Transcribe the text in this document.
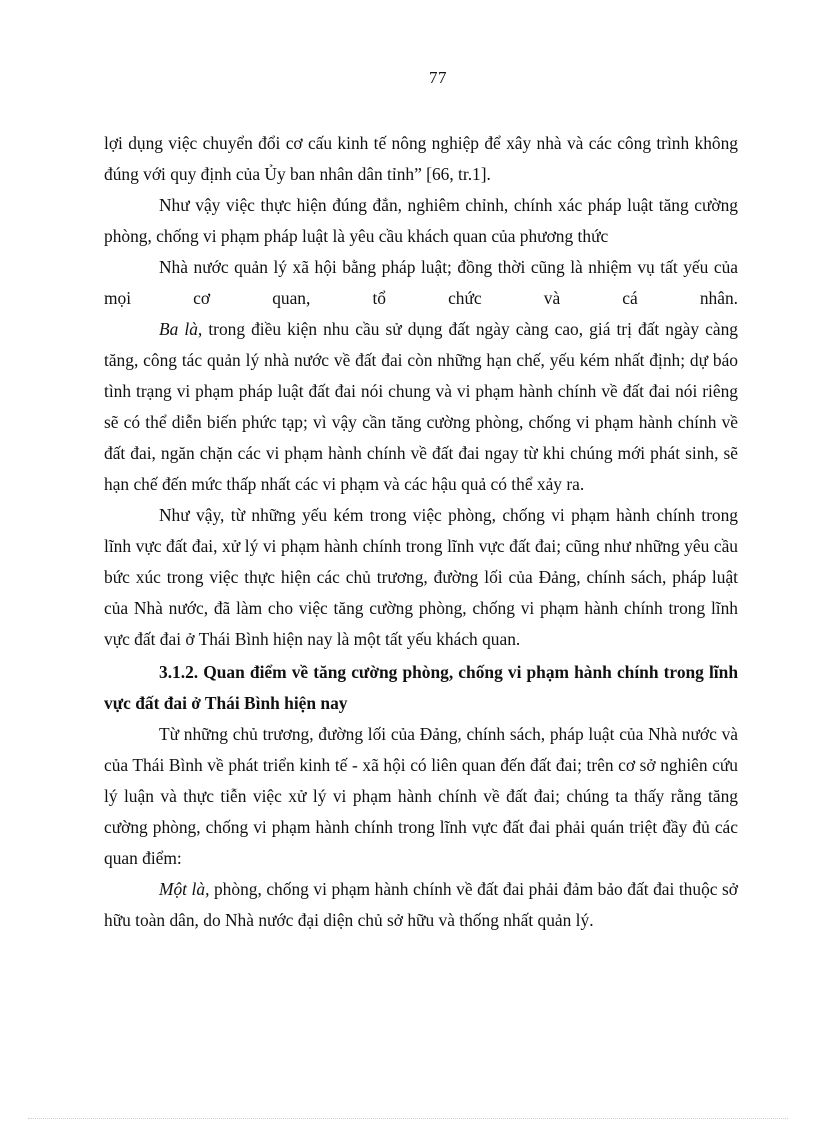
77

lợi dụng việc chuyển đổi cơ cấu kinh tế nông nghiệp để xây nhà và các công trình không đúng với quy định của Ủy ban nhân dân tỉnh” [66, tr.1].

Như vậy việc thực hiện đúng đắn, nghiêm chỉnh, chính xác pháp luật tăng cường phòng, chống vi phạm pháp luật là yêu cầu khách quan của phương thức

Nhà nước quản lý xã hội bằng pháp luật; đồng thời cũng là nhiệm vụ tất yếu của mọi cơ quan, tổ chức và cá nhân.

Ba là, trong điều kiện nhu cầu sử dụng đất ngày càng cao, giá trị đất ngày càng tăng, công tác quản lý nhà nước về đất đai còn những hạn chế, yếu kém nhất định; dự báo tình trạng vi phạm pháp luật đất đai nói chung và vi phạm hành chính về đất đai nói riêng sẽ có thể diễn biến phức tạp; vì vậy cần tăng cường phòng, chống vi phạm hành chính về đất đai, ngăn chặn các vi phạm hành chính về đất đai ngay từ khi chúng mới phát sinh, sẽ hạn chế đến mức thấp nhất các vi phạm và các hậu quả có thể xảy ra.

Như vậy, từ những yếu kém trong việc phòng, chống vi phạm hành chính trong lĩnh vực đất đai, xử lý vi phạm hành chính trong lĩnh vực đất đai; cũng như những yêu cầu bức xúc trong việc thực hiện các chủ trương, đường lối của Đảng, chính sách, pháp luật của Nhà nước, đã làm cho việc tăng cường phòng, chống vi phạm hành chính trong lĩnh vực đất đai ở Thái Bình hiện nay là một tất yếu khách quan.

3.1.2. Quan điểm về tăng cường phòng, chống vi phạm hành chính trong lĩnh vực đất đai ở Thái Bình hiện nay

Từ những chủ trương, đường lối của Đảng, chính sách, pháp luật của Nhà nước và của Thái Bình về phát triển kinh tế - xã hội có liên quan đến đất đai; trên cơ sở nghiên cứu lý luận và thực tiễn việc xử lý vi phạm hành chính về đất đai; chúng ta thấy rằng tăng cường phòng, chống vi phạm hành chính trong lĩnh vực đất đai phải quán triệt đầy đủ các quan điểm:

Một là, phòng, chống vi phạm hành chính về đất đai phải đảm bảo đất đai thuộc sở hữu toàn dân, do Nhà nước đại diện chủ sở hữu và thống nhất quản lý.
